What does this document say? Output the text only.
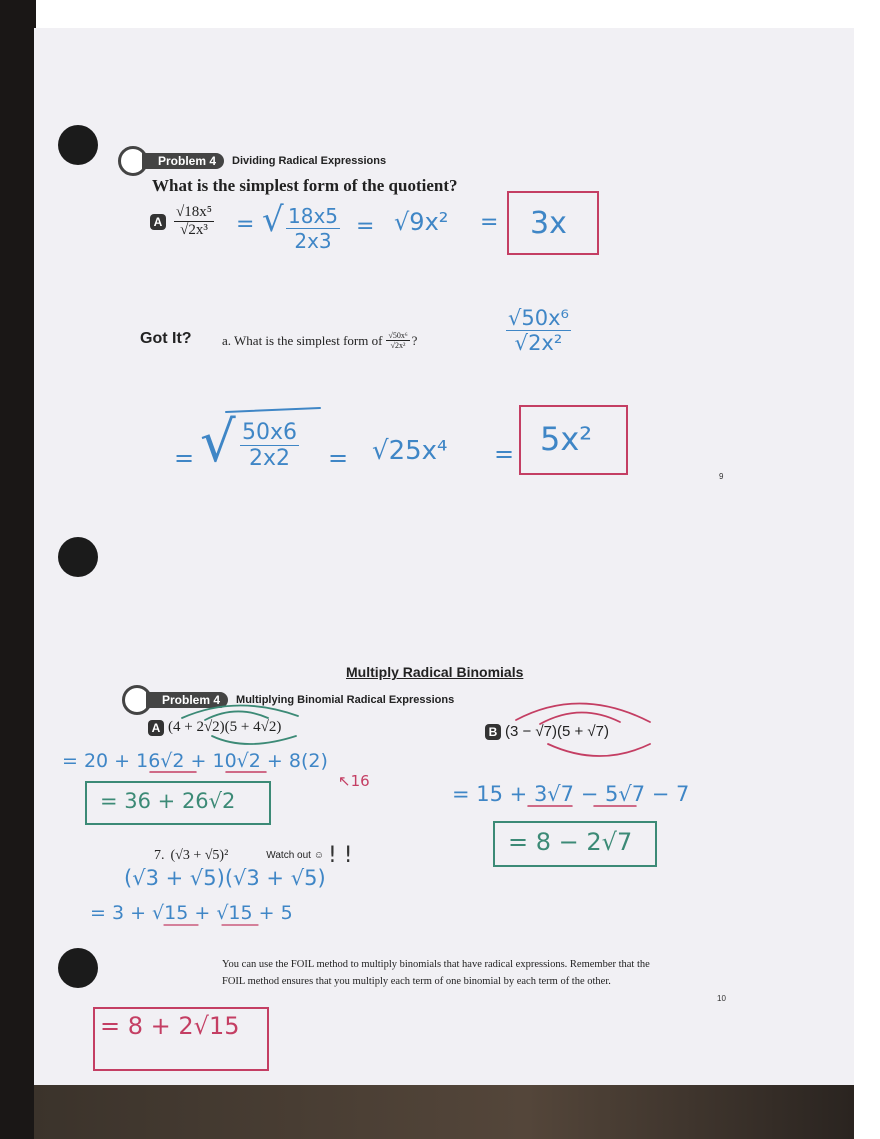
Problem 4	Dividing Radical Expressions
What is the simplest form of the quotient?
A $\frac{\text{√18x⁵}}{\text{√2x³}}$ = √ $\frac{18x5}{2x3} = √9x^2 = 3x$
Got It? a. What is the simplest form of $\frac{\text{√50x⁶}}{\text{√2x²}}$ ?	$\frac{\text{√50x⁶}}{\text{√2x²}}$
= √ $\frac{50x6}{2x2} = √25x^4 = 5x^2$
9
Multiply Radical Binomials
Problem 4	Multiplying Binomial Radical Expressions
A (4 + 2√2)(5 + 4√2)	B (3 − √7)(5 + √7)
= 20 + 16√2 + 10√2 + 8(2)
↖16
= 36 + 26√2	= 15 + 3√7 − 5√7 − 7
= 8 − 2√7
7. (√3 + √5)²	Watch out ☺ ! !
(√3 + √5)(√3 + √5)
= 3 + √15 + √15 + 5
You can use the FOIL method to multiply binomials that have radical expressions. Remember that the FOIL method ensures that you multiply each term of one binomial by each term of the other.
10
= 8 + 2√15
